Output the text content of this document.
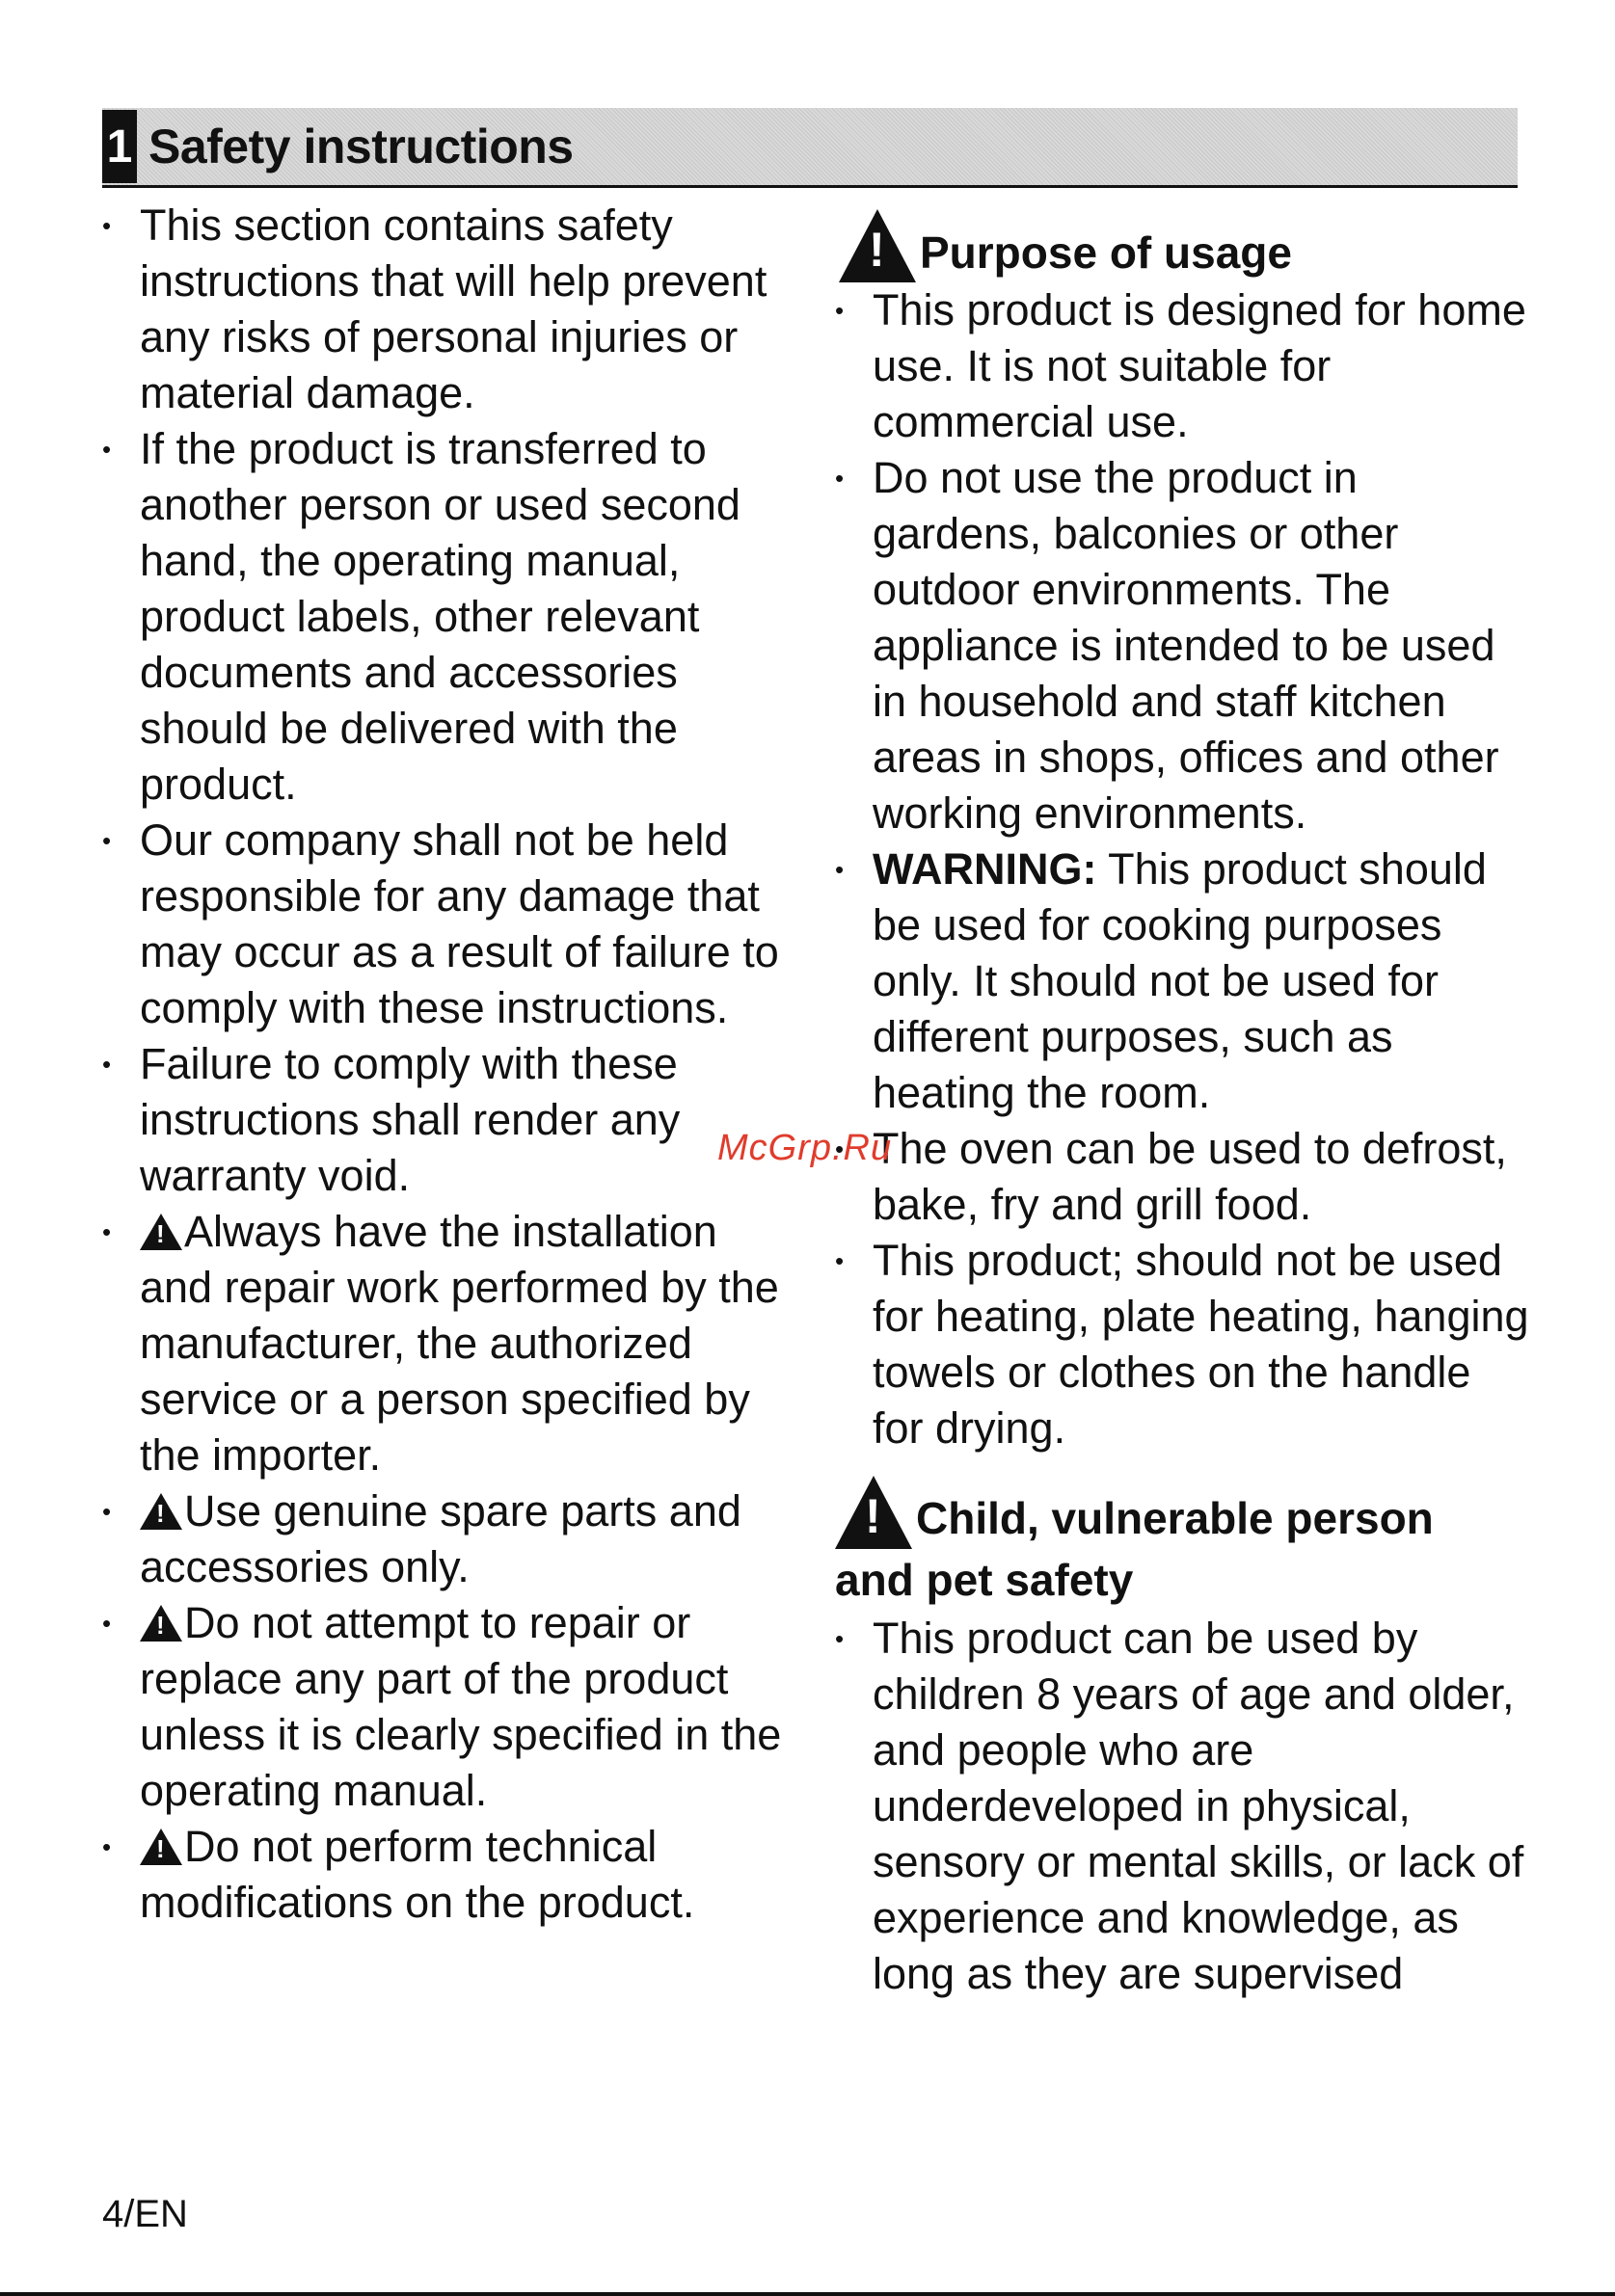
1 Safety instructions
• This section contains safety instructions that will help prevent any risks of personal injuries or material damage.
• If the product is transferred to another person or used second hand, the operating manual, product labels, other relevant documents and accessories should be delivered with the product.
• Our company shall not be held responsible for any damage that may occur as a result of failure to comply with these instructions.
• Failure to comply with these instructions shall render any warranty void.
!• Always have the installation and repair work performed by the manufacturer, the authorized service or a person specified by the importer.
!• Use genuine spare parts and accessories only.
!• Do not attempt to repair or replace any part of the product unless it is clearly specified in the operating manual.
!• Do not perform technical modifications on the product.
!
Purpose of usage
• This product is designed for home use. It is not suitable for commercial use.
• Do not use the product in gardens, balconies or other outdoor environments. The appliance is intended to be used in household and staff kitchen areas in shops, offices and other working environments.
• WARNING: This product should be used for cooking purposes only. It should not be used for different purposes, such as heating the room.
• The oven can be used to defrost, bake, fry and grill food.
• This product; should not be used for heating, plate heating, hanging towels or clothes on the handle for drying.
!
Child, vulnerable person
and pet safety
• This product can be used by children 8 years of age and older, and people who are underdeveloped in physical, sensory or mental skills, or lack of experience and knowledge, as long as they are supervised
McGrp.Ru
4/EN
